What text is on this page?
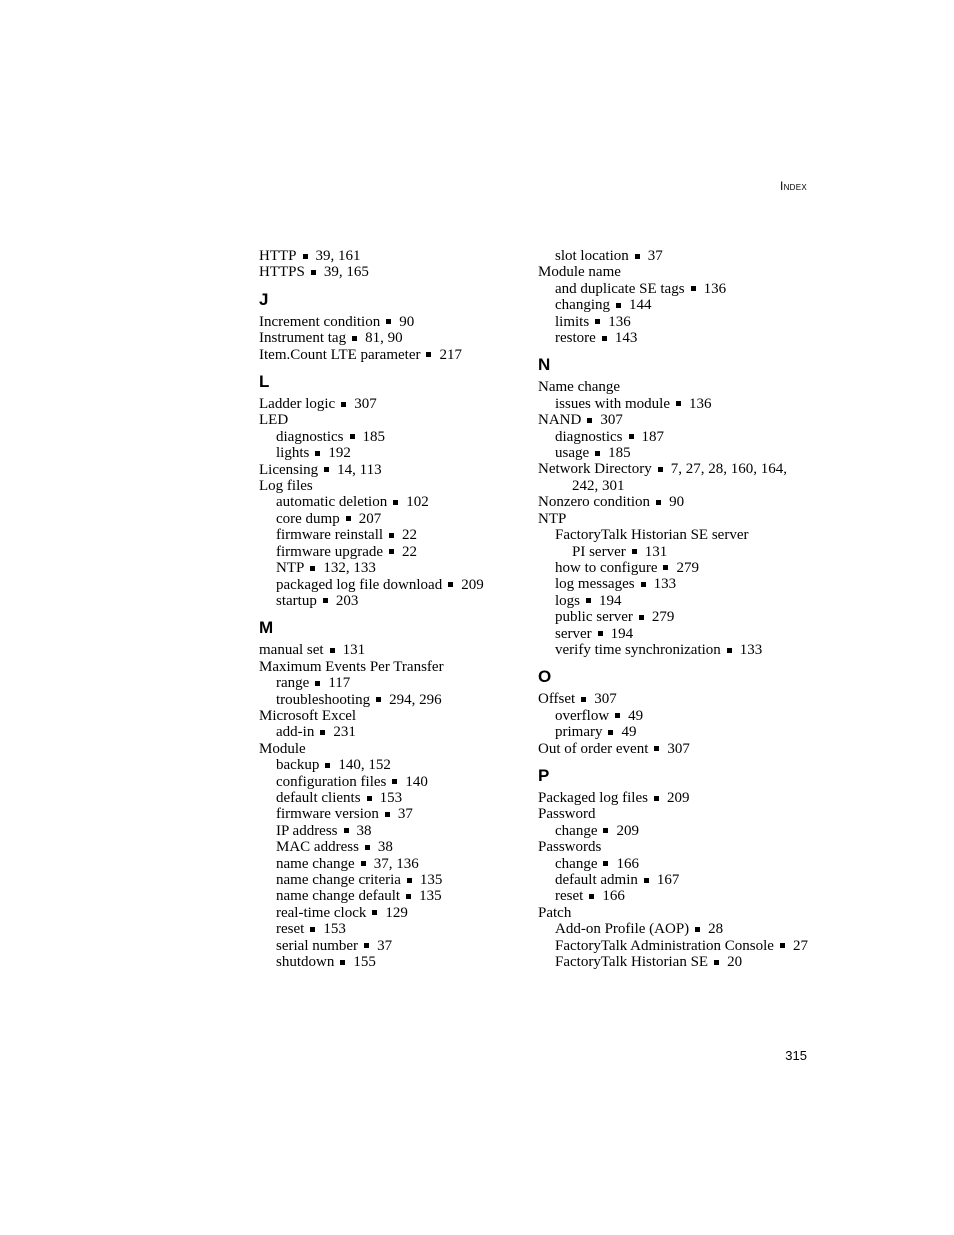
Index
HTTP 39, 161
HTTPS 39, 165
J
Increment condition 90
Instrument tag 81, 90
Item.Count LTE parameter 217
L
Ladder logic 307
LED
diagnostics 185
lights 192
Licensing 14, 113
Log files
automatic deletion 102
core dump 207
firmware reinstall 22
firmware upgrade 22
NTP 132, 133
packaged log file download 209
startup 203
M
manual set 131
Maximum Events Per Transfer
range 117
troubleshooting 294, 296
Microsoft Excel
add-in 231
Module
backup 140, 152
configuration files 140
default clients 153
firmware version 37
IP address 38
MAC address 38
name change 37, 136
name change criteria 135
name change default 135
real-time clock 129
reset 153
serial number 37
shutdown 155
slot location 37
Module name
and duplicate SE tags 136
changing 144
limits 136
restore 143
N
Name change
issues with module 136
NAND 307
diagnostics 187
usage 185
Network Directory 7, 27, 28, 160, 164,
242, 301
Nonzero condition 90
NTP
FactoryTalk Historian SE server
PI server 131
how to configure 279
log messages 133
logs 194
public server 279
server 194
verify time synchronization 133
O
Offset 307
overflow 49
primary 49
Out of order event 307
P
Packaged log files 209
Password
change 209
Passwords
change 166
default admin 167
reset 166
Patch
Add-on Profile (AOP) 28
FactoryTalk Administration Console 27
FactoryTalk Historian SE 20
315
